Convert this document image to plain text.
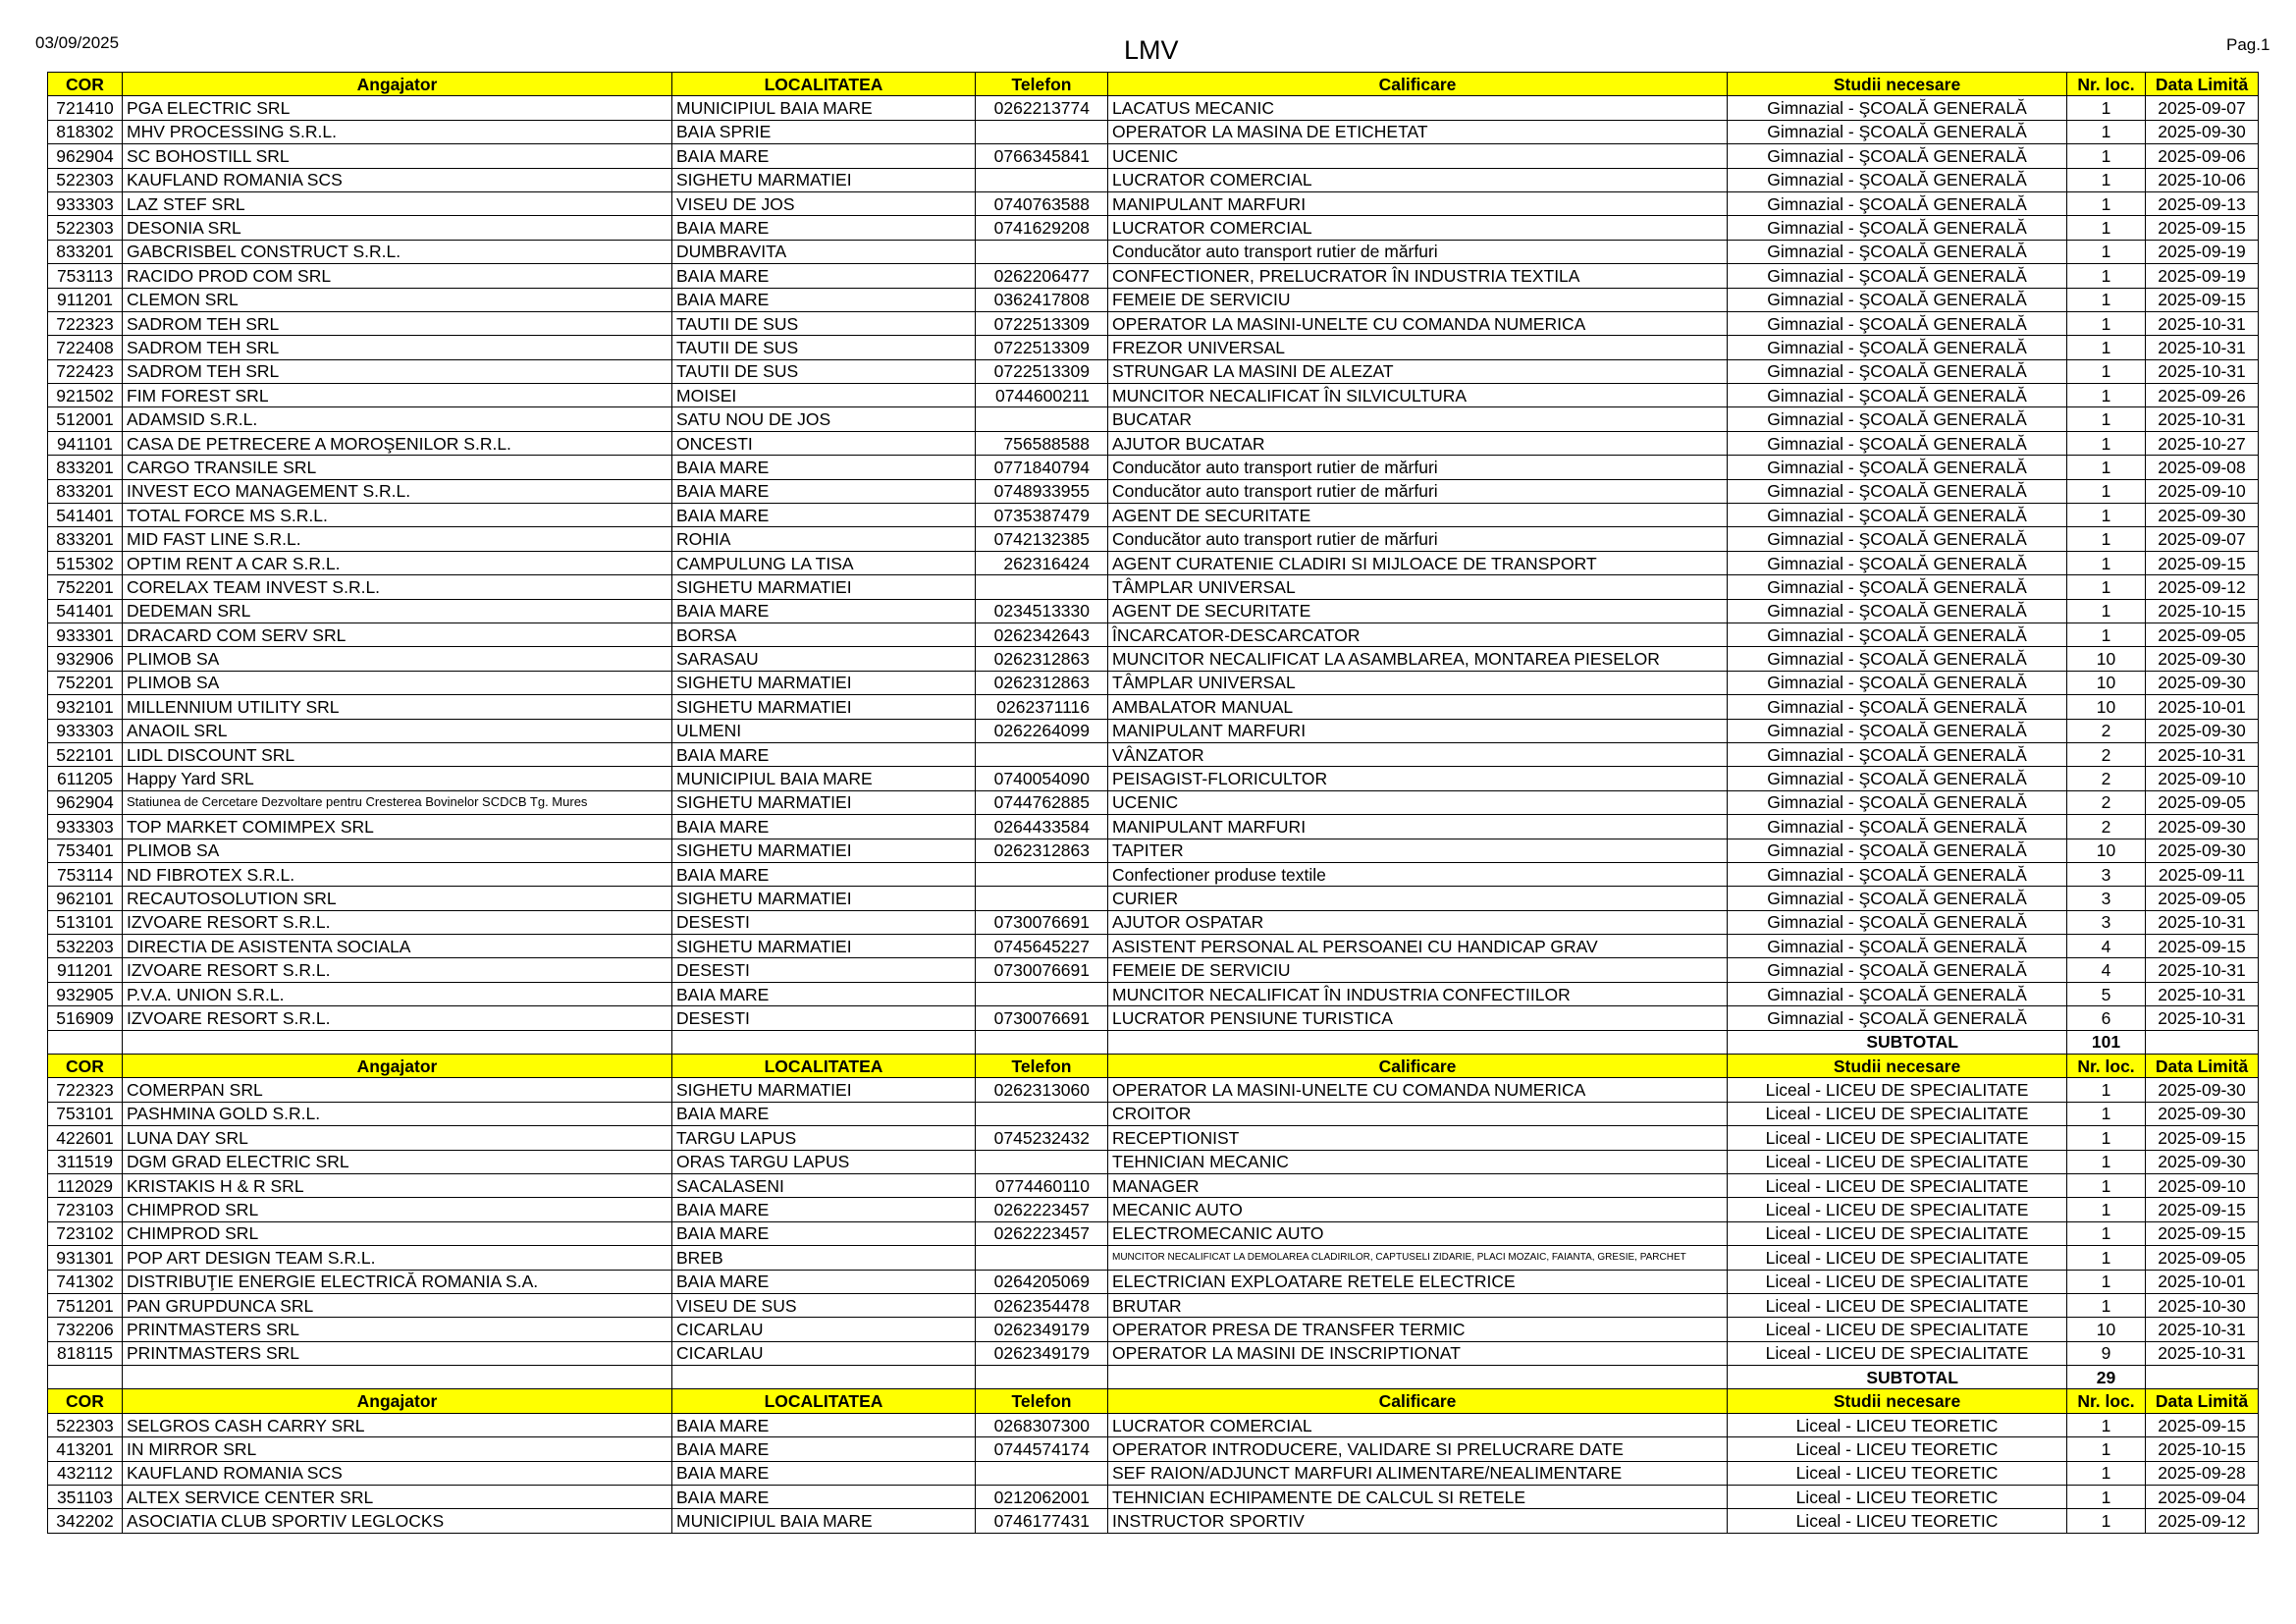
03/09/2025	LMV	Pag.1
COR	Angajator	LOCALITATEA	Telefon	Calificare	Studii necesare	Nr. loc.	Data Limită
721410	PGA ELECTRIC SRL	MUNICIPIUL BAIA MARE	0262213774	LACATUS MECANIC	Gimnazial - ŞCOALĂ GENERALĂ	1	2025-09-07
818302	MHV PROCESSING S.R.L.	BAIA SPRIE		OPERATOR LA MASINA DE ETICHETAT	Gimnazial - ŞCOALĂ GENERALĂ	1	2025-09-30
962904	SC BOHOSTILL SRL	BAIA MARE	0766345841	UCENIC	Gimnazial - ŞCOALĂ GENERALĂ	1	2025-09-06
522303	KAUFLAND ROMANIA SCS	SIGHETU MARMATIEI		LUCRATOR COMERCIAL	Gimnazial - ŞCOALĂ GENERALĂ	1	2025-10-06
933303	LAZ STEF SRL	VISEU DE JOS	0740763588	MANIPULANT MARFURI	Gimnazial - ŞCOALĂ GENERALĂ	1	2025-09-13
522303	DESONIA SRL	BAIA MARE	0741629208	LUCRATOR COMERCIAL	Gimnazial - ŞCOALĂ GENERALĂ	1	2025-09-15
833201	GABCRISBEL CONSTRUCT S.R.L.	DUMBRAVITA		Conducător auto transport rutier de mărfuri	Gimnazial - ŞCOALĂ GENERALĂ	1	2025-09-19
753113	RACIDO PROD COM SRL	BAIA MARE	0262206477	CONFECTIONER, PRELUCRATOR ÎN INDUSTRIA TEXTILA	Gimnazial - ŞCOALĂ GENERALĂ	1	2025-09-19
911201	CLEMON SRL	BAIA MARE	0362417808	FEMEIE DE SERVICIU	Gimnazial - ŞCOALĂ GENERALĂ	1	2025-09-15
722323	SADROM TEH SRL	TAUTII DE SUS	0722513309	OPERATOR LA MASINI-UNELTE CU COMANDA NUMERICA	Gimnazial - ŞCOALĂ GENERALĂ	1	2025-10-31
722408	SADROM TEH SRL	TAUTII DE SUS	0722513309	FREZOR UNIVERSAL	Gimnazial - ŞCOALĂ GENERALĂ	1	2025-10-31
722423	SADROM TEH SRL	TAUTII DE SUS	0722513309	STRUNGAR LA MASINI DE ALEZAT	Gimnazial - ŞCOALĂ GENERALĂ	1	2025-10-31
921502	FIM FOREST SRL	MOISEI	0744600211	MUNCITOR NECALIFICAT ÎN SILVICULTURA	Gimnazial - ŞCOALĂ GENERALĂ	1	2025-09-26
512001	ADAMSID S.R.L.	SATU NOU DE JOS		BUCATAR	Gimnazial - ŞCOALĂ GENERALĂ	1	2025-10-31
941101	CASA DE PETRECERE A MOROŞENILOR S.R.L.	ONCESTI	756588588	AJUTOR BUCATAR	Gimnazial - ŞCOALĂ GENERALĂ	1	2025-10-27
833201	CARGO TRANSILE SRL	BAIA MARE	0771840794	Conducător auto transport rutier de mărfuri	Gimnazial - ŞCOALĂ GENERALĂ	1	2025-09-08
833201	INVEST ECO MANAGEMENT S.R.L.	BAIA MARE	0748933955	Conducător auto transport rutier de mărfuri	Gimnazial - ŞCOALĂ GENERALĂ	1	2025-09-10
541401	TOTAL FORCE MS S.R.L.	BAIA MARE	0735387479	AGENT DE SECURITATE	Gimnazial - ŞCOALĂ GENERALĂ	1	2025-09-30
833201	MID FAST LINE S.R.L.	ROHIA	0742132385	Conducător auto transport rutier de mărfuri	Gimnazial - ŞCOALĂ GENERALĂ	1	2025-09-07
515302	OPTIM RENT A CAR S.R.L.	CAMPULUNG LA TISA	262316424	AGENT CURATENIE CLADIRI SI MIJLOACE DE TRANSPORT	Gimnazial - ŞCOALĂ GENERALĂ	1	2025-09-15
752201	CORELAX TEAM INVEST S.R.L.	SIGHETU MARMATIEI		TÂMPLAR UNIVERSAL	Gimnazial - ŞCOALĂ GENERALĂ	1	2025-09-12
541401	DEDEMAN SRL	BAIA MARE	0234513330	AGENT DE SECURITATE	Gimnazial - ŞCOALĂ GENERALĂ	1	2025-10-15
933301	DRACARD COM SERV SRL	BORSA	0262342643	ÎNCARCATOR-DESCARCATOR	Gimnazial - ŞCOALĂ GENERALĂ	1	2025-09-05
932906	PLIMOB SA	SARASAU	0262312863	MUNCITOR NECALIFICAT LA ASAMBLAREA, MONTAREA PIESELOR	Gimnazial - ŞCOALĂ GENERALĂ	10	2025-09-30
752201	PLIMOB SA	SIGHETU MARMATIEI	0262312863	TÂMPLAR UNIVERSAL	Gimnazial - ŞCOALĂ GENERALĂ	10	2025-09-30
932101	MILLENNIUM UTILITY SRL	SIGHETU MARMATIEI	0262371116	AMBALATOR MANUAL	Gimnazial - ŞCOALĂ GENERALĂ	10	2025-10-01
933303	ANAOIL SRL	ULMENI	0262264099	MANIPULANT MARFURI	Gimnazial - ŞCOALĂ GENERALĂ	2	2025-09-30
522101	LIDL DISCOUNT SRL	BAIA MARE		VÂNZATOR	Gimnazial - ŞCOALĂ GENERALĂ	2	2025-10-31
611205	Happy Yard SRL	MUNICIPIUL BAIA MARE	0740054090	PEISAGIST-FLORICULTOR	Gimnazial - ŞCOALĂ GENERALĂ	2	2025-09-10
962904	Statiunea de Cercetare Dezvoltare pentru Cresterea Bovinelor SCDCB Tg. Mures	SIGHETU MARMATIEI	0744762885	UCENIC	Gimnazial - ŞCOALĂ GENERALĂ	2	2025-09-05
933303	TOP MARKET COMIMPEX SRL	BAIA MARE	0264433584	MANIPULANT MARFURI	Gimnazial - ŞCOALĂ GENERALĂ	2	2025-09-30
753401	PLIMOB SA	SIGHETU MARMATIEI	0262312863	TAPITER	Gimnazial - ŞCOALĂ GENERALĂ	10	2025-09-30
753114	ND FIBROTEX S.R.L.	BAIA MARE		Confectioner produse textile	Gimnazial - ŞCOALĂ GENERALĂ	3	2025-09-11
962101	RECAUTOSOLUTION SRL	SIGHETU MARMATIEI		CURIER	Gimnazial - ŞCOALĂ GENERALĂ	3	2025-09-05
513101	IZVOARE RESORT S.R.L.	DESESTI	0730076691	AJUTOR OSPATAR	Gimnazial - ŞCOALĂ GENERALĂ	3	2025-10-31
532203	DIRECTIA DE ASISTENTA SOCIALA	SIGHETU MARMATIEI	0745645227	ASISTENT PERSONAL AL PERSOANEI CU HANDICAP GRAV	Gimnazial - ŞCOALĂ GENERALĂ	4	2025-09-15
911201	IZVOARE RESORT S.R.L.	DESESTI	0730076691	FEMEIE DE SERVICIU	Gimnazial - ŞCOALĂ GENERALĂ	4	2025-10-31
932905	P.V.A. UNION S.R.L.	BAIA MARE		MUNCITOR NECALIFICAT ÎN INDUSTRIA CONFECTIILOR	Gimnazial - ŞCOALĂ GENERALĂ	5	2025-10-31
516909	IZVOARE RESORT S.R.L.	DESESTI	0730076691	LUCRATOR PENSIUNE TURISTICA	Gimnazial - ŞCOALĂ GENERALĂ	6	2025-10-31
					SUBTOTAL	101	
COR	Angajator	LOCALITATEA	Telefon	Calificare	Studii necesare	Nr. loc.	Data Limită
722323	COMERPAN SRL	SIGHETU MARMATIEI	0262313060	OPERATOR LA MASINI-UNELTE CU COMANDA NUMERICA	Liceal - LICEU DE SPECIALITATE	1	2025-09-30
753101	PASHMINA GOLD S.R.L.	BAIA MARE		CROITOR	Liceal - LICEU DE SPECIALITATE	1	2025-09-30
422601	LUNA DAY SRL	TARGU LAPUS	0745232432	RECEPTIONIST	Liceal - LICEU DE SPECIALITATE	1	2025-09-15
311519	DGM GRAD ELECTRIC SRL	ORAS TARGU LAPUS		TEHNICIAN MECANIC	Liceal - LICEU DE SPECIALITATE	1	2025-09-30
112029	KRISTAKIS H & R SRL	SACALASENI	0774460110	MANAGER	Liceal - LICEU DE SPECIALITATE	1	2025-09-10
723103	CHIMPROD SRL	BAIA MARE	0262223457	MECANIC AUTO	Liceal - LICEU DE SPECIALITATE	1	2025-09-15
723102	CHIMPROD SRL	BAIA MARE	0262223457	ELECTROMECANIC AUTO	Liceal - LICEU DE SPECIALITATE	1	2025-09-15
931301	POP ART DESIGN TEAM S.R.L.	BREB		MUNCITOR NECALIFICAT LA DEMOLAREA CLADIRILOR, CAPTUSELI ZIDARIE, PLACI MOZAIC, FAIANTA, GRESIE, PARCHET	Liceal - LICEU DE SPECIALITATE	1	2025-09-05
741302	DISTRIBUŢIE ENERGIE ELECTRICĂ ROMANIA S.A.	BAIA MARE	0264205069	ELECTRICIAN EXPLOATARE RETELE ELECTRICE	Liceal - LICEU DE SPECIALITATE	1	2025-10-01
751201	PAN GRUPDUNCA SRL	VISEU DE SUS	0262354478	BRUTAR	Liceal - LICEU DE SPECIALITATE	1	2025-10-30
732206	PRINTMASTERS SRL	CICARLAU	0262349179	OPERATOR PRESA DE TRANSFER TERMIC	Liceal - LICEU DE SPECIALITATE	10	2025-10-31
818115	PRINTMASTERS SRL	CICARLAU	0262349179	OPERATOR LA MASINI DE INSCRIPTIONAT	Liceal - LICEU DE SPECIALITATE	9	2025-10-31
					SUBTOTAL	29	
COR	Angajator	LOCALITATEA	Telefon	Calificare	Studii necesare	Nr. loc.	Data Limită
522303	SELGROS CASH CARRY SRL	BAIA MARE	0268307300	LUCRATOR COMERCIAL	Liceal - LICEU TEORETIC	1	2025-09-15
413201	IN MIRROR SRL	BAIA MARE	0744574174	OPERATOR INTRODUCERE, VALIDARE SI PRELUCRARE DATE	Liceal - LICEU TEORETIC	1	2025-10-15
432112	KAUFLAND ROMANIA SCS	BAIA MARE		SEF RAION/ADJUNCT MARFURI ALIMENTARE/NEALIMENTARE	Liceal - LICEU TEORETIC	1	2025-09-28
351103	ALTEX SERVICE CENTER SRL	BAIA MARE	0212062001	TEHNICIAN ECHIPAMENTE DE CALCUL SI RETELE	Liceal - LICEU TEORETIC	1	2025-09-04
342202	ASOCIATIA CLUB SPORTIV LEGLOCKS	MUNICIPIUL BAIA MARE	0746177431	INSTRUCTOR SPORTIV	Liceal - LICEU TEORETIC	1	2025-09-12
